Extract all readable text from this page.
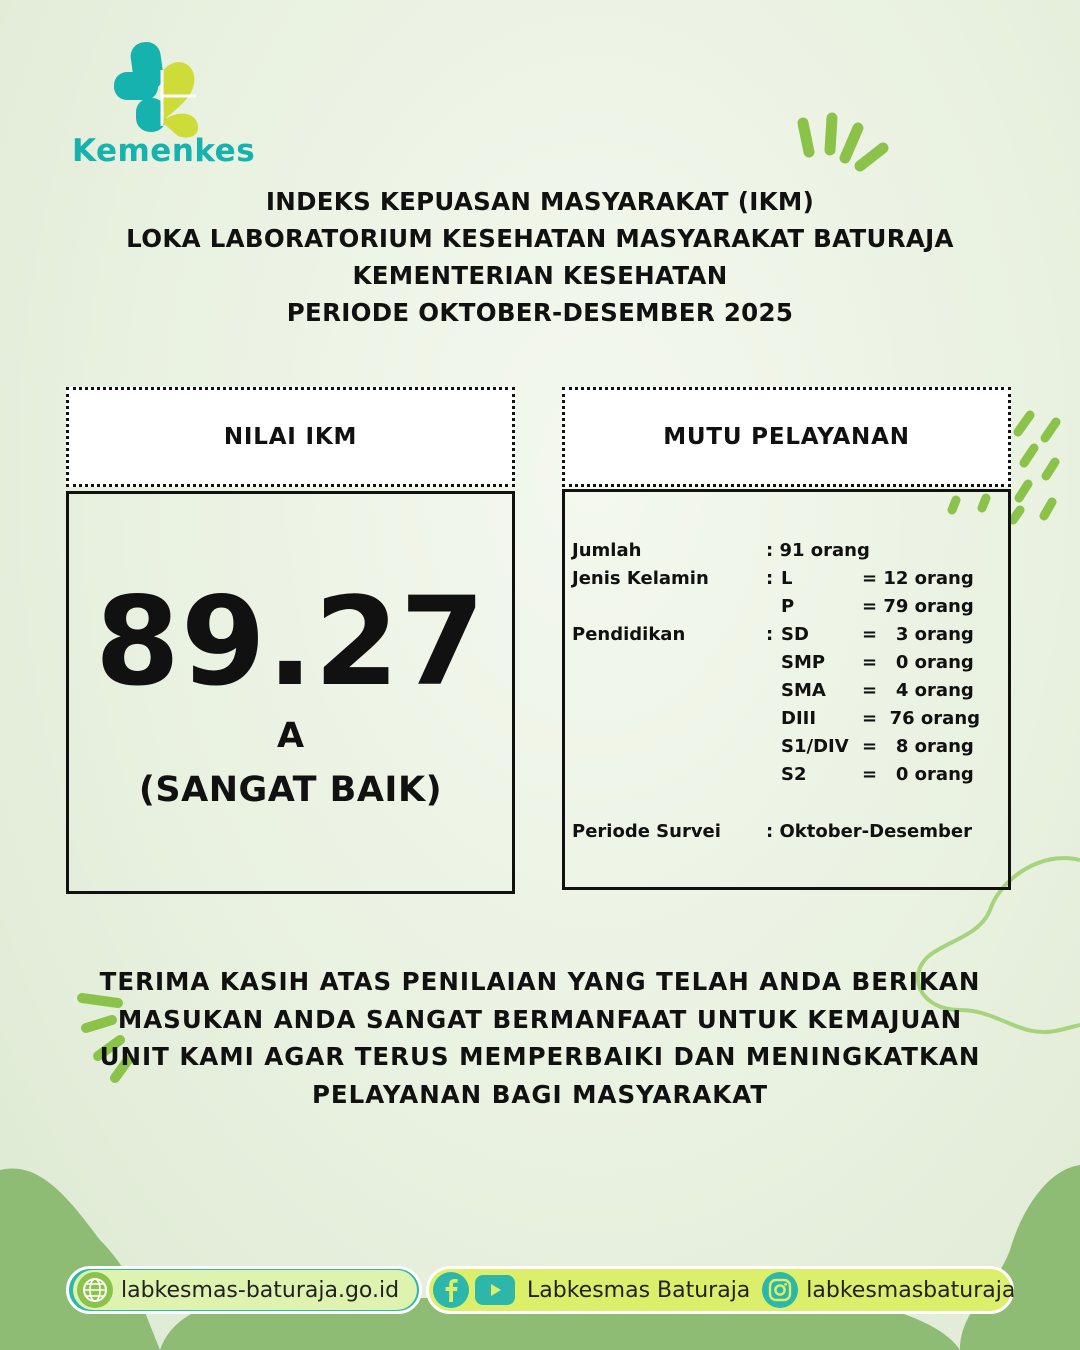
Kemenkes
INDEKS KEPUASAN MASYARAKAT (IKM)
LOKA LABORATORIUM KESEHATAN MASYARAKAT BATURAJA
KEMENTERIAN KESEHATAN
PERIODE OKTOBER-DESEMBER 2025
NILAI IKM
89.27
A
(SANGAT BAIK)
MUTU PELAYANAN
Jumlah	: 91 orang
Jenis Kelamin	: L	= 12 orang
P	= 79 orang
Pendidikan	: SD	=   3 orang
SMP =   0 orang
SMA =   4 orang
DIII	=  76 orang
S1/DIV =   8 orang
S2	=   0 orang
Periode Survei	: Oktober-Desember
TERIMA KASIH ATAS PENILAIAN YANG TELAH ANDA BERIKAN
MASUKAN ANDA SANGAT BERMANFAAT UNTUK KEMAJUAN
UNIT KAMI AGAR TERUS MEMPERBAIKI DAN MENINGKATKAN
PELAYANAN BAGI MASYARAKAT
labkesmas-baturaja.go.id	Labkesmas Baturaja	labkesmasbaturaja
